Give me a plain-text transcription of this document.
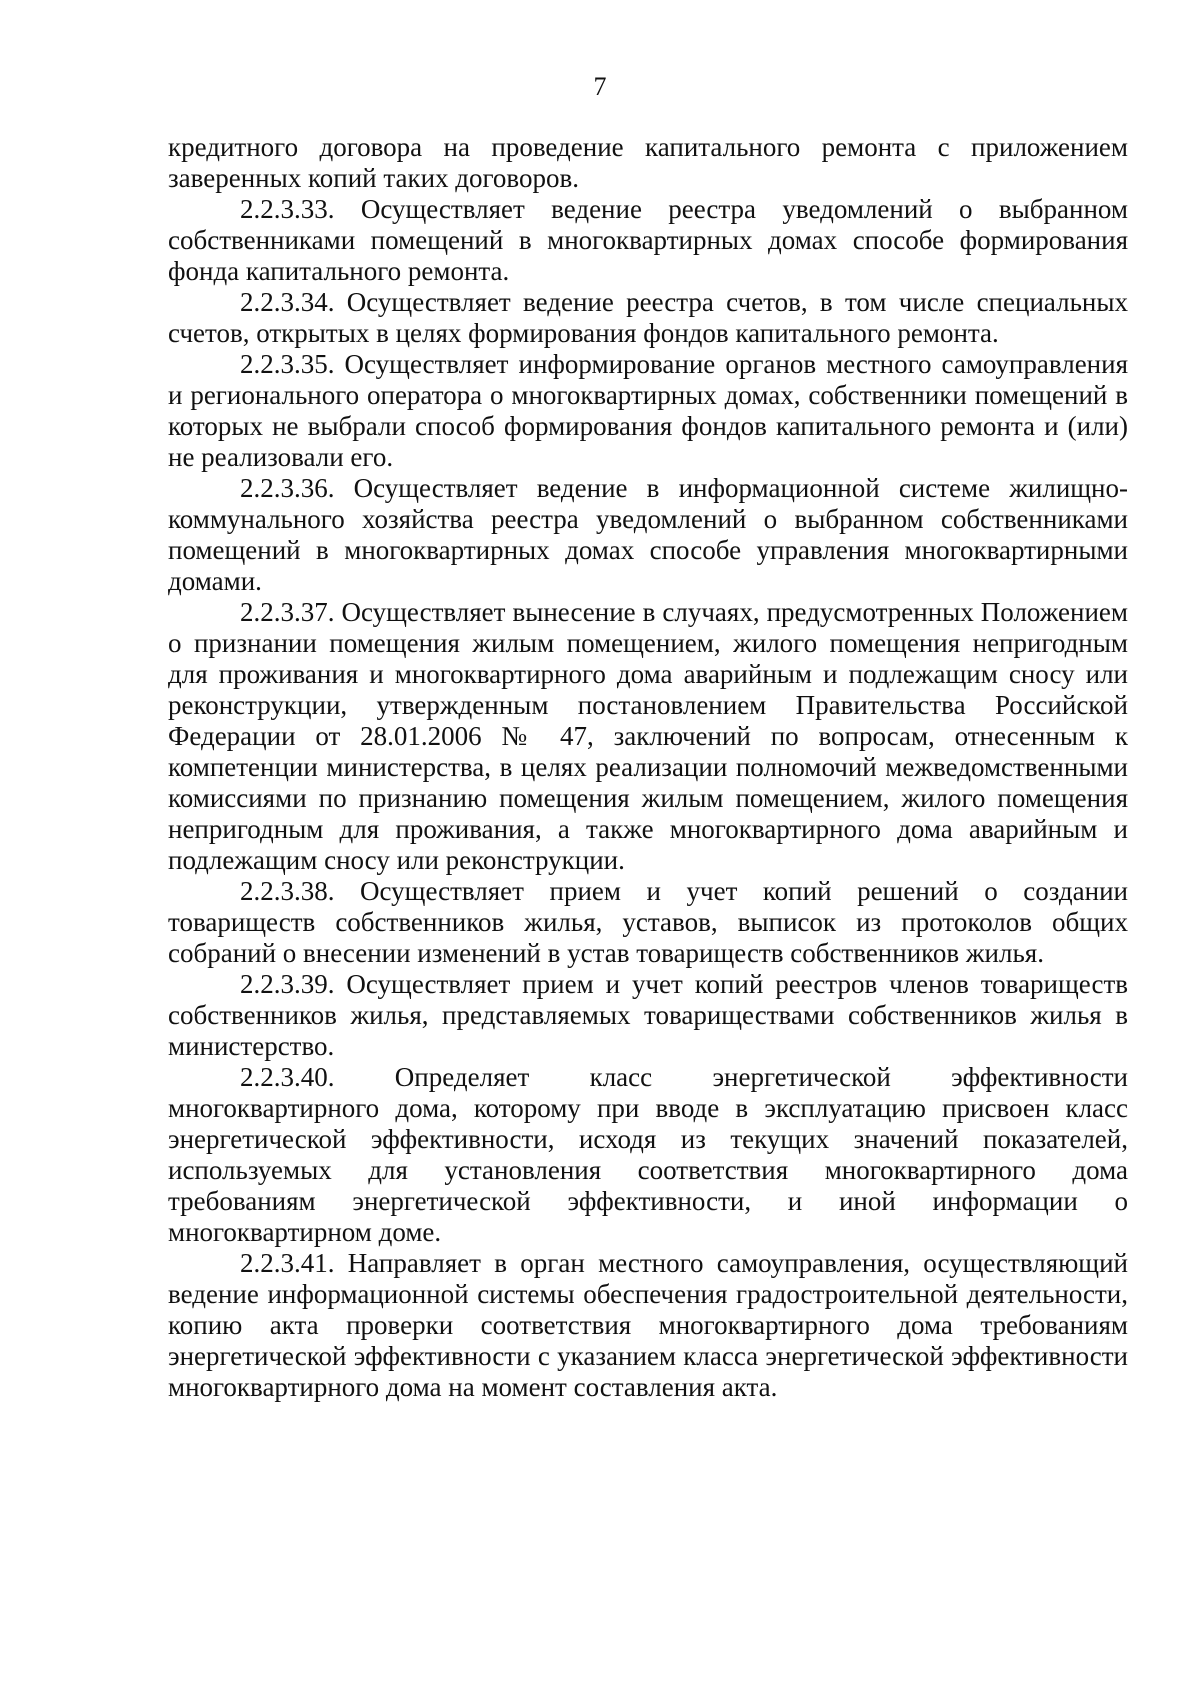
7

кредитного договора на проведение капитального ремонта с приложением заверенных копий таких договоров.

2.2.3.33. Осуществляет ведение реестра уведомлений о выбранном собственниками помещений в многоквартирных домах способе формирования фонда капитального ремонта.

2.2.3.34. Осуществляет ведение реестра счетов, в том числе специальных счетов, открытых в целях формирования фондов капитального ремонта.

2.2.3.35. Осуществляет информирование органов местного самоуправления и регионального оператора о многоквартирных домах, собственники помещений в которых не выбрали способ формирования фондов капитального ремонта и (или) не реализовали его.

2.2.3.36. Осуществляет ведение в информационной системе жилищно-коммунального хозяйства реестра уведомлений о выбранном собственниками помещений в многоквартирных домах способе управления многоквартирными домами.

2.2.3.37. Осуществляет вынесение в случаях, предусмотренных Положением о признании помещения жилым помещением, жилого помещения непригодным для проживания и многоквартирного дома аварийным и подлежащим сносу или реконструкции, утвержденным постановлением Правительства Российской Федерации от 28.01.2006 № 47, заключений по вопросам, отнесенным к компетенции министерства, в целях реализации полномочий межведомственными комиссиями по признанию помещения жилым помещением, жилого помещения непригодным для проживания, а также многоквартирного дома аварийным и подлежащим сносу или реконструкции.

2.2.3.38. Осуществляет прием и учет копий решений о создании товариществ собственников жилья, уставов, выписок из протоколов общих собраний о внесении изменений в устав товариществ собственников жилья.

2.2.3.39. Осуществляет прием и учет копий реестров членов товариществ собственников жилья, представляемых товариществами собственников жилья в министерство.

2.2.3.40. Определяет класс энергетической эффективности многоквартирного дома, которому при вводе в эксплуатацию присвоен класс энергетической эффективности, исходя из текущих значений показателей, используемых для установления соответствия многоквартирного дома требованиям энергетической эффективности, и иной информации о многоквартирном доме.

2.2.3.41. Направляет в орган местного самоуправления, осуществляющий ведение информационной системы обеспечения градостроительной деятельности, копию акта проверки соответствия многоквартирного дома требованиям энергетической эффективности с указанием класса энергетической эффективности многоквартирного дома на момент составления акта.
